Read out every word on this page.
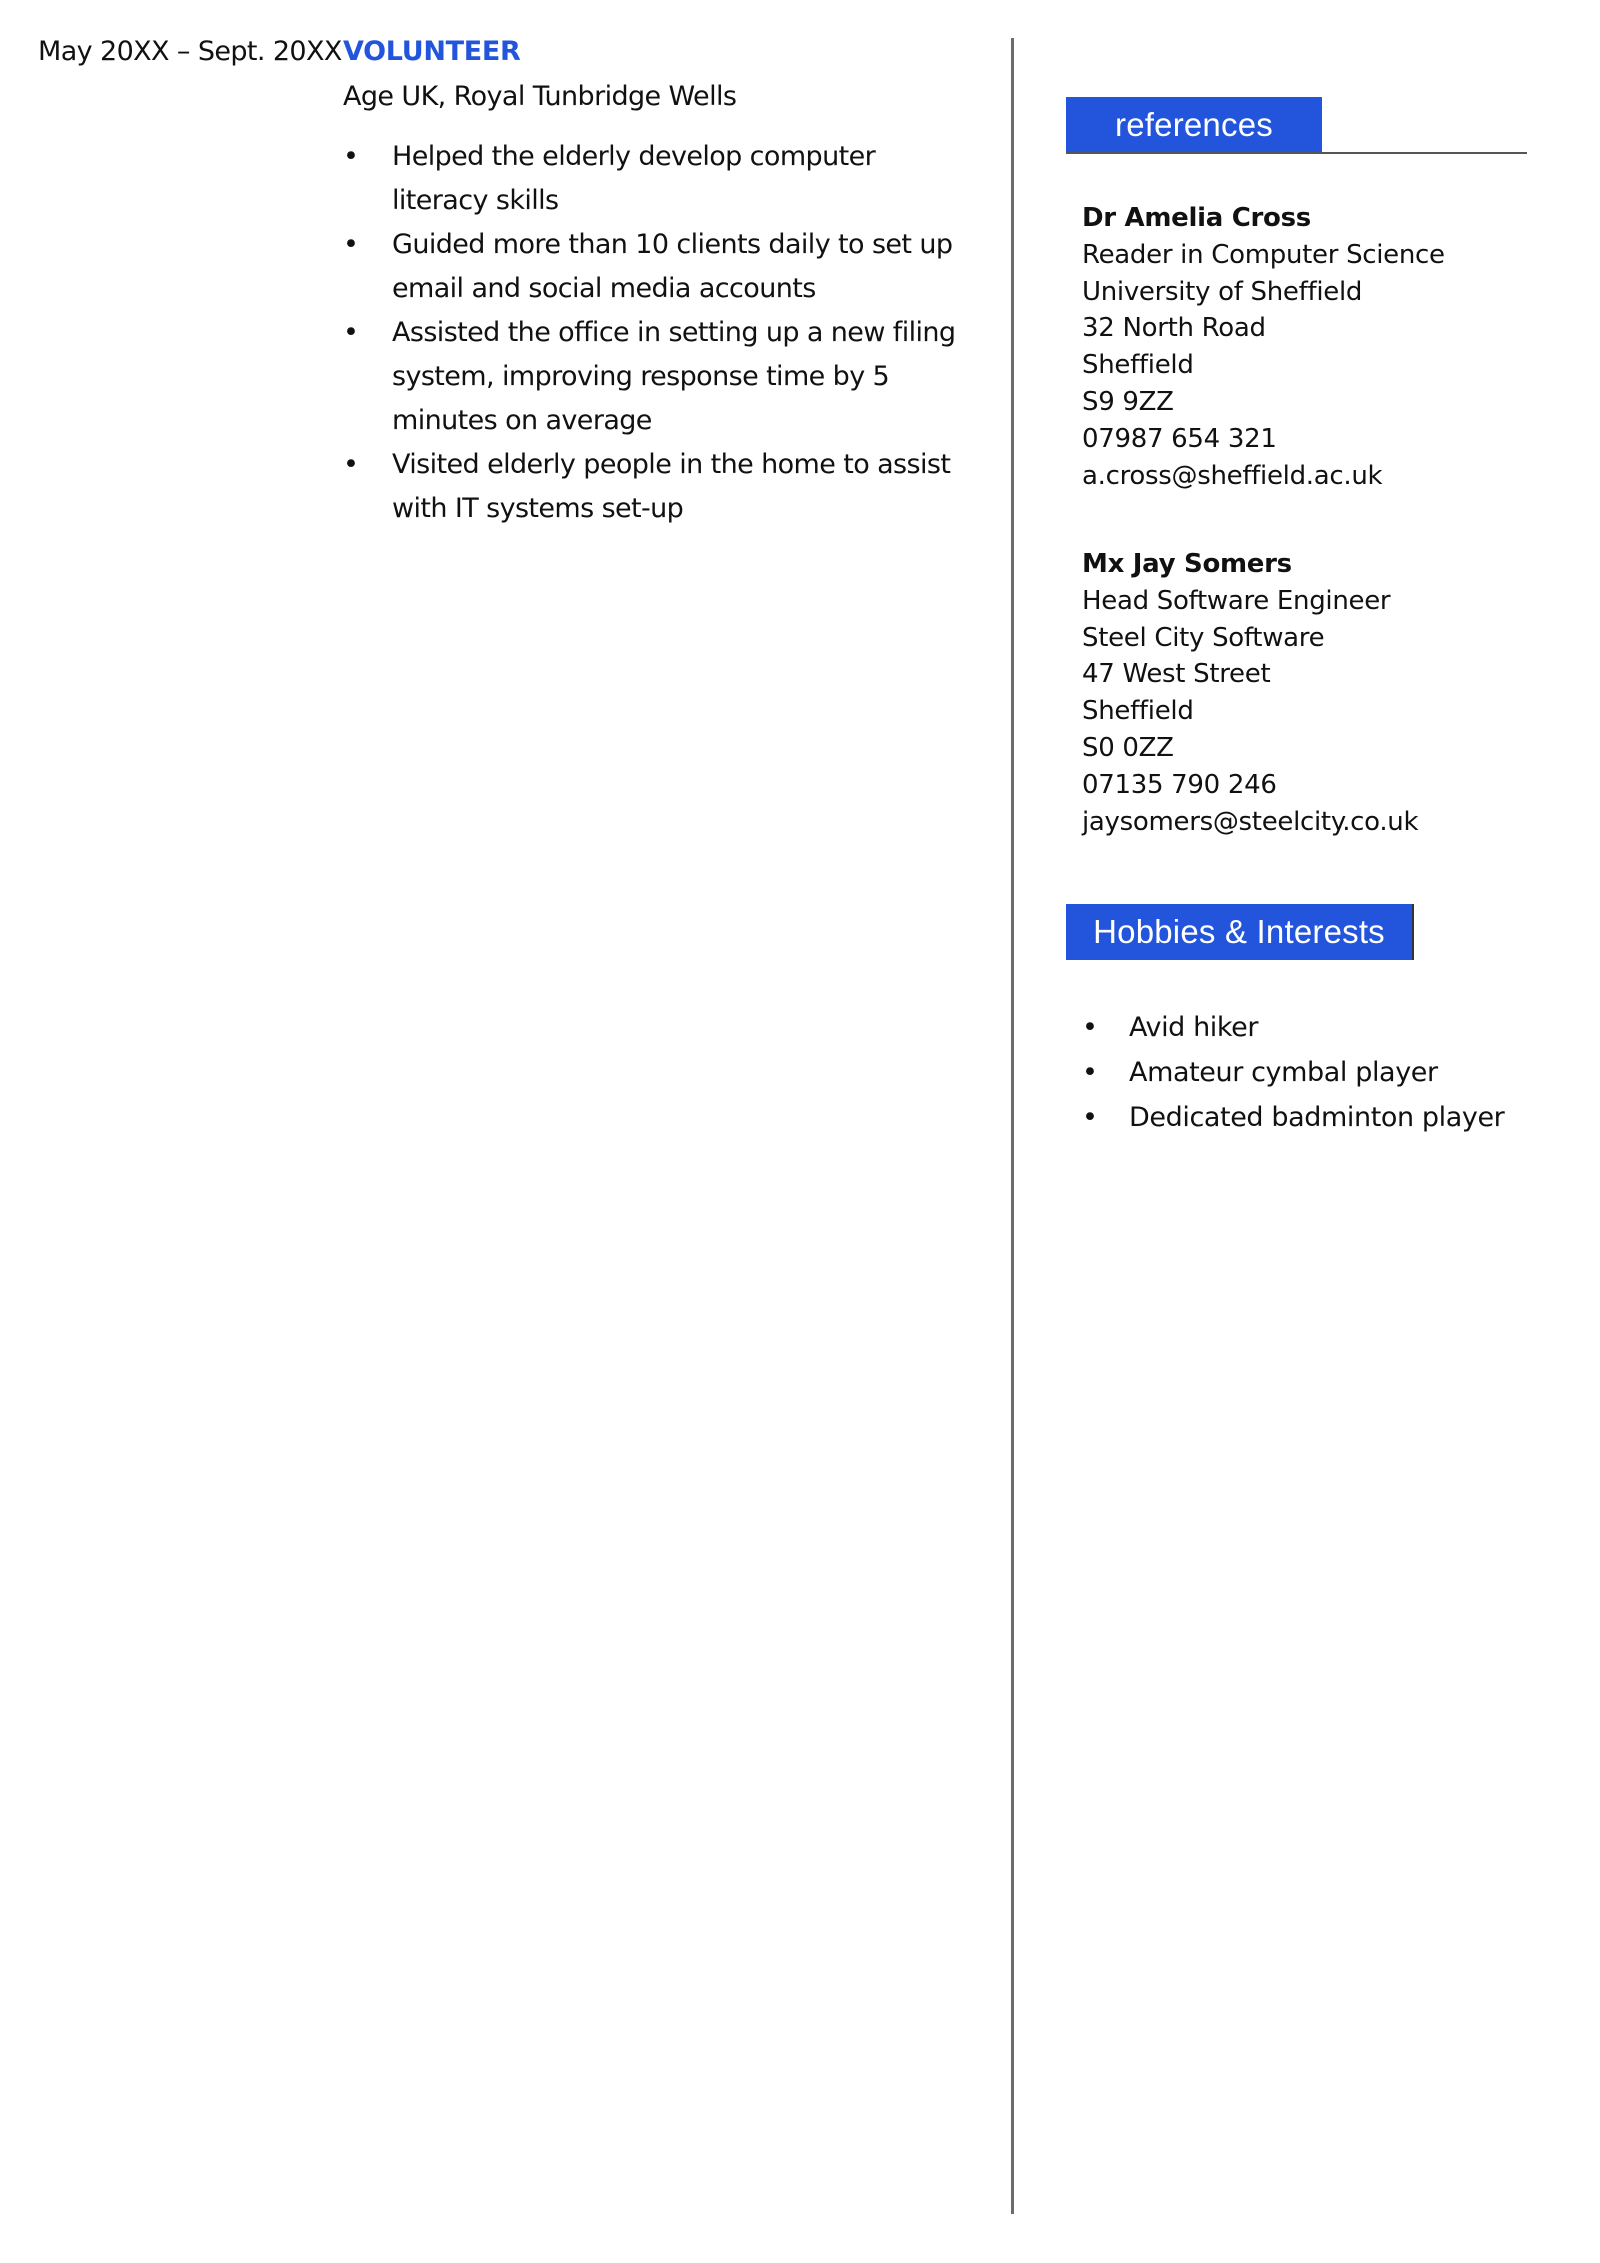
May 20XX – Sept. 20XX VOLUNTEER
Age UK, Royal Tunbridge Wells
•	Helped the elderly develop computer literacy skills
•	Guided more than 10 clients daily to set up email and social media accounts
•	Assisted the office in setting up a new filing system, improving response time by 5 minutes on average
•	Visited elderly people in the home to assist with IT systems set-up
references
Dr Amelia Cross
Reader in Computer Science
University of Sheffield
32 North Road
Sheffield
S9 9ZZ
07987 654 321
a.cross@sheffield.ac.uk
Mx Jay Somers
Head Software Engineer
Steel City Software
47 West Street
Sheffield
S0 0ZZ
07135 790 246
jaysomers@steelcity.co.uk
Hobbies & Interests
• Avid hiker
• Amateur cymbal player
• Dedicated badminton player
